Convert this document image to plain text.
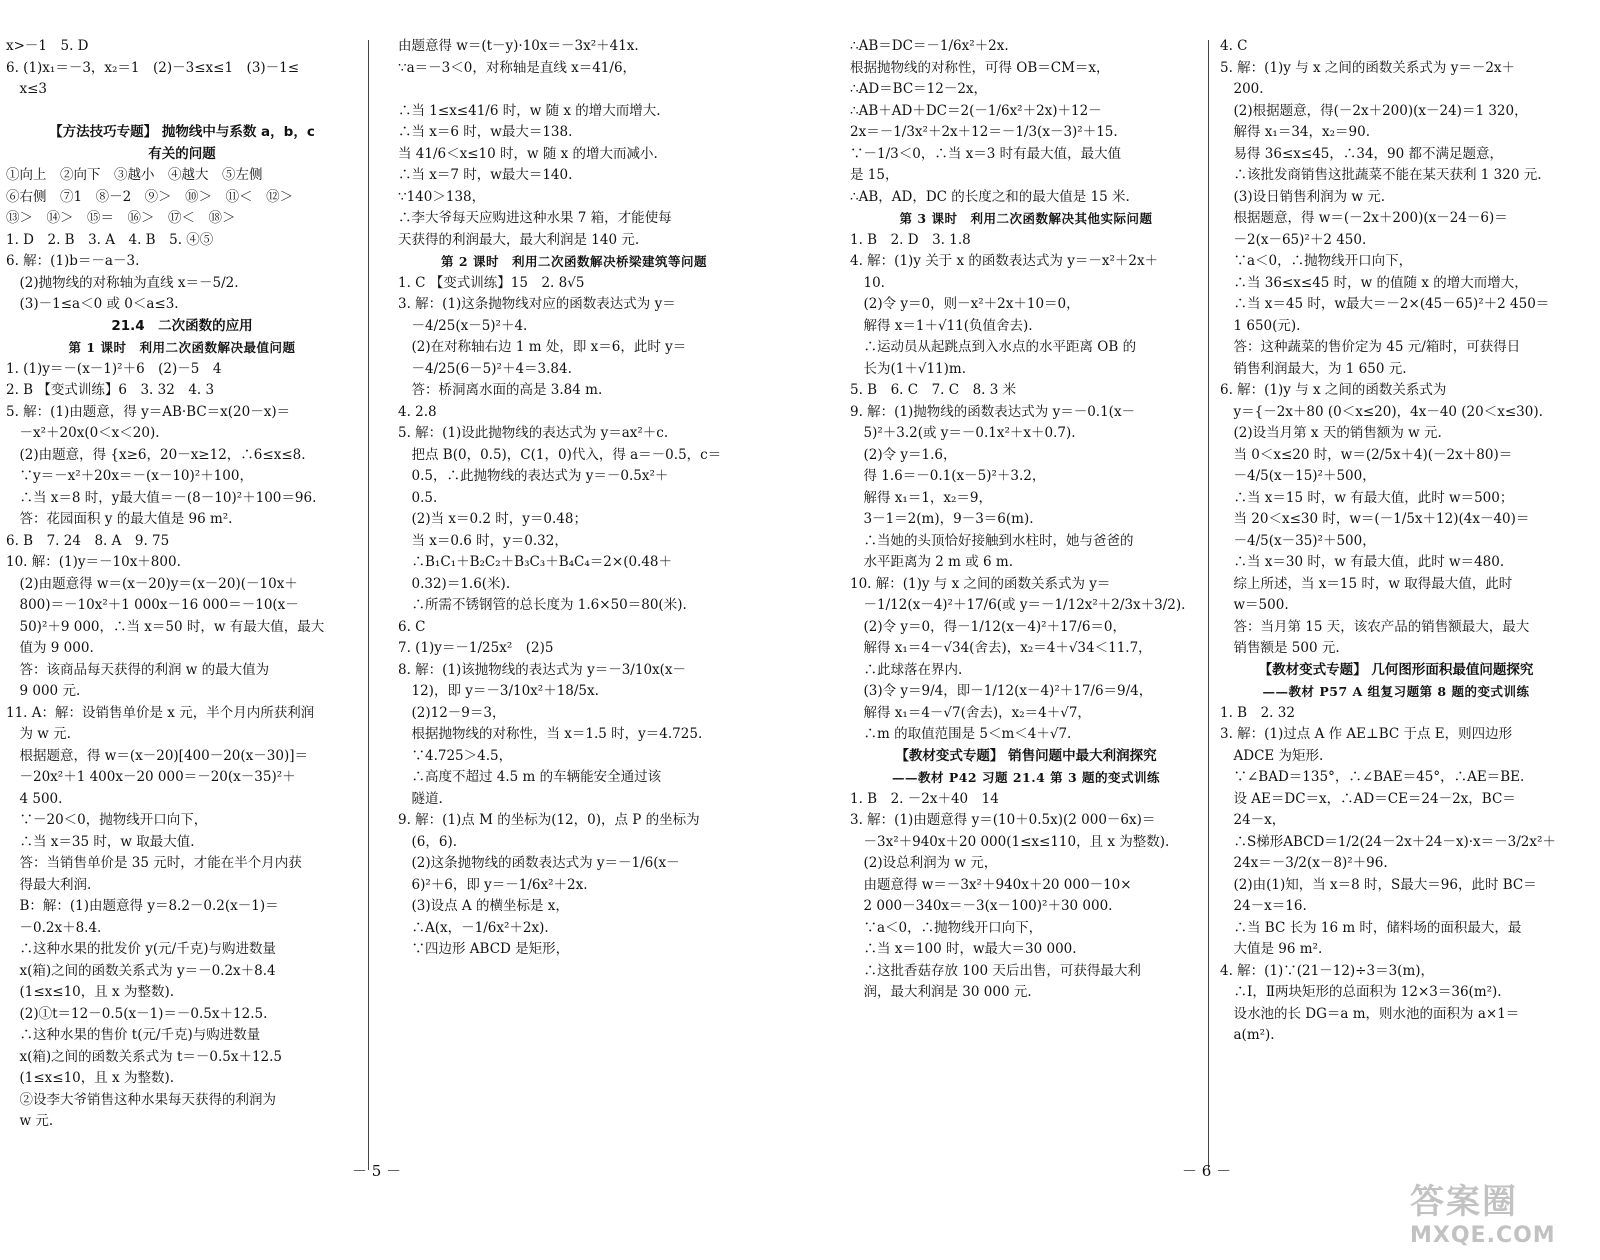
x>－1　5. D
6. (1)x₁＝－3，x₂＝1　(2)－3≤x≤1　(3)－1≤
　x≤3

【方法技巧专题】 抛物线中与系数 a，b，c
有关的问题
①向上　②向下　③越小　④越大　⑤左侧
⑥右侧　⑦1　⑧－2　⑨＞　⑩＞　⑪＜　⑫＞
⑬＞　⑭＞　⑮＝　⑯＞　⑰＜　⑱＞
1. D　2. B　3. A　4. B　5. ④⑤
6. 解：(1)b＝－a－3.
　(2)抛物线的对称轴为直线 x＝－5/2.
　(3)－1≤a＜0 或 0＜a≤3.
21.4　二次函数的应用
第 1 课时　利用二次函数解决最值问题
1. (1)y＝－(x－1)²＋6　(2)－5　4
2. B 【变式训练】6　3. 32　4. 3
5. 解：(1)由题意，得 y＝AB·BC＝x(20－x)＝
　－x²＋20x(0＜x＜20).
　(2)由题意，得 {x≥6，20－x≥12，∴6≤x≤8.
　∵y＝－x²＋20x＝－(x－10)²＋100，
　∴当 x＝8 时，y最大值＝－(8－10)²＋100＝96.
　答：花园面积 y 的最大值是 96 m².
6. B　7. 24　8. A　9. 75
10. 解：(1)y＝－10x＋800.
　(2)由题意得 w＝(x－20)y＝(x－20)(－10x＋
　800)＝－10x²＋1 000x－16 000＝－10(x－
　50)²＋9 000，∴当 x＝50 时，w 有最大值，最大
　值为 9 000.
　答：该商品每天获得的利润 w 的最大值为
　9 000 元.
11. A：解：设销售单价是 x 元，半个月内所获利润
　为 w 元.
　根据题意，得 w＝(x－20)[400－20(x－30)]＝
　－20x²＋1 400x－20 000＝－20(x－35)²＋
　4 500.
　∵－20＜0，抛物线开口向下，
　∴当 x＝35 时，w 取最大值.
　答：当销售单价是 35 元时，才能在半个月内获
　得最大利润.
　B：解：(1)由题意得 y＝8.2－0.2(x－1)＝
　－0.2x＋8.4.
　∴这种水果的批发价 y(元/千克)与购进数量
　x(箱)之间的函数关系式为 y＝－0.2x＋8.4
　(1≤x≤10，且 x 为整数).
　(2)①t＝12－0.5(x－1)＝－0.5x＋12.5.
　∴这种水果的售价 t(元/千克)与购进数量
　x(箱)之间的函数关系式为 t＝－0.5x＋12.5
　(1≤x≤10，且 x 为整数).
　②设李大爷销售这种水果每天获得的利润为
　w 元.
由题意得 w＝(t－y)·10x＝－3x²＋41x.
∵a＝－3＜0，对称轴是直线 x＝41/6，

∴当 1≤x≤41/6 时，w 随 x 的增大而增大.
∴当 x＝6 时，w最大＝138.
当 41/6＜x≤10 时，w 随 x 的增大而减小.
∴当 x＝7 时，w最大＝140.
∵140＞138，
∴李大爷每天应购进这种水果 7 箱，才能使每
天获得的利润最大，最大利润是 140 元.
第 2 课时　利用二次函数解决桥梁建筑等问题
1. C 【变式训练】15　2. 8√5
3. 解：(1)这条抛物线对应的函数表达式为 y＝
　－4/25(x－5)²＋4.
　(2)在对称轴右边 1 m 处，即 x＝6，此时 y＝
　－4/25(6－5)²＋4＝3.84.
　答：桥洞离水面的高是 3.84 m.
4. 2.8
5. 解：(1)设此抛物线的表达式为 y＝ax²＋c.
　把点 B(0，0.5)，C(1，0)代入，得 a＝－0.5，c＝
　0.5，∴此抛物线的表达式为 y＝－0.5x²＋
　0.5.
　(2)当 x＝0.2 时，y＝0.48；
　当 x＝0.6 时，y＝0.32，
　∴B₁C₁＋B₂C₂＋B₃C₃＋B₄C₄＝2×(0.48＋
　0.32)＝1.6(米).
　∴所需不锈钢管的总长度为 1.6×50＝80(米).
6. C
7. (1)y＝－1/25x²　(2)5
8. 解：(1)该抛物线的表达式为 y＝－3/10x(x－
　12)，即 y＝－3/10x²＋18/5x.
　(2)12－9＝3，
　根据抛物线的对称性，当 x＝1.5 时，y＝4.725.
　∵4.725＞4.5，
　∴高度不超过 4.5 m 的车辆能安全通过该
　隧道.
9. 解：(1)点 M 的坐标为(12，0)，点 P 的坐标为
　(6，6).
　(2)这条抛物线的函数表达式为 y＝－1/6(x－
　6)²＋6，即 y＝－1/6x²＋2x.
　(3)设点 A 的横坐标是 x，
　∴A(x，－1/6x²＋2x).
　∵四边形 ABCD 是矩形，
∴AB＝DC＝－1/6x²＋2x.
根据抛物线的对称性，可得 OB＝CM＝x，
∴AD＝BC＝12－2x，
∴AB＋AD＋DC＝2(－1/6x²＋2x)＋12－
2x＝－1/3x²＋2x＋12＝－1/3(x－3)²＋15.
∵－1/3＜0，∴当 x＝3 时有最大值，最大值
是 15，
∴AB，AD，DC 的长度之和的最大值是 15 米.
第 3 课时　利用二次函数解决其他实际问题
1. B　2. D　3. 1.8
4. 解：(1)y 关于 x 的函数表达式为 y＝－x²＋2x＋
　10.
　(2)令 y＝0，则－x²＋2x＋10＝0，
　解得 x＝1＋√11(负值舍去).
　∴运动员从起跳点到入水点的水平距离 OB 的
　长为(1＋√11)m.
5. B　6. C　7. C　8. 3 米
9. 解：(1)抛物线的函数表达式为 y＝－0.1(x－
　5)²＋3.2(或 y＝－0.1x²＋x＋0.7).
　(2)令 y＝1.6，
　得 1.6＝－0.1(x－5)²＋3.2，
　解得 x₁＝1，x₂＝9，
　3－1＝2(m)，9－3＝6(m).
　∴当她的头顶恰好接触到水柱时，她与爸爸的
　水平距离为 2 m 或 6 m.
10. 解：(1)y 与 x 之间的函数关系式为 y＝
　－1/12(x－4)²＋17/6(或 y＝－1/12x²＋2/3x＋3/2).
　(2)令 y＝0，得－1/12(x－4)²＋17/6＝0，
　解得 x₁＝4－√34(舍去)，x₂＝4＋√34＜11.7，
　∴此球落在界内.
　(3)令 y＝9/4，即－1/12(x－4)²＋17/6＝9/4，
　解得 x₁＝4－√7(舍去)，x₂＝4＋√7，
　∴m 的取值范围是 5＜m＜4＋√7.
【教材变式专题】 销售问题中最大利润探究
——教材 P42 习题 21.4 第 3 题的变式训练
1. B　2. －2x＋40　14
3. 解：(1)由题意得 y＝(10＋0.5x)(2 000－6x)＝
　－3x²＋940x＋20 000(1≤x≤110，且 x 为整数).
　(2)设总利润为 w 元，
　由题意得 w＝－3x²＋940x＋20 000－10×
　2 000－340x＝－3(x－100)²＋30 000.
　∵a＜0，∴抛物线开口向下，
　∴当 x＝100 时，w最大＝30 000.
　∴这批香菇存放 100 天后出售，可获得最大利
　润，最大利润是 30 000 元.
4. C
5. 解：(1)y 与 x 之间的函数关系式为 y＝－2x＋
　200.
　(2)根据题意，得(－2x＋200)(x－24)＝1 320，
　解得 x₁＝34，x₂＝90.
　易得 36≤x≤45，∴34，90 都不满足题意，
　∴该批发商销售这批蔬菜不能在某天获利 1 320 元.
　(3)设日销售利润为 w 元.
　根据题意，得 w＝(－2x＋200)(x－24－6)＝
　－2(x－65)²＋2 450.
　∵a＜0，∴抛物线开口向下，
　∴当 36≤x≤45 时，w 的值随 x 的增大而增大，
　∴当 x＝45 时，w最大＝－2×(45－65)²＋2 450＝
　1 650(元).
　答：这种蔬菜的售价定为 45 元/箱时，可获得日
　销售利润最大，为 1 650 元.
6. 解：(1)y 与 x 之间的函数关系式为
　y＝{－2x＋80 (0＜x≤20)，4x－40 (20＜x≤30).
　(2)设当月第 x 天的销售额为 w 元.
　当 0＜x≤20 时，w＝(2/5x＋4)(－2x＋80)＝
　－4/5(x－15)²＋500，
　∴当 x＝15 时，w 有最大值，此时 w＝500；
　当 20＜x≤30 时，w＝(－1/5x＋12)(4x－40)＝
　－4/5(x－35)²＋500，
　∴当 x＝30 时，w 有最大值，此时 w＝480.
　综上所述，当 x＝15 时，w 取得最大值，此时
　w＝500.
　答：当月第 15 天，该农产品的销售额最大，最大
　销售额是 500 元.
【教材变式专题】 几何图形面积最值问题探究
——教材 P57 A 组复习题第 8 题的变式训练
1. B　2. 32
3. 解：(1)过点 A 作 AE⊥BC 于点 E，则四边形
　ADCE 为矩形.
　∵∠BAD＝135°，∴∠BAE＝45°，∴AE＝BE.
　设 AE＝DC＝x，∴AD＝CE＝24－2x，BC＝
　24－x，
　∴S梯形ABCD＝1/2(24－2x＋24－x)·x＝－3/2x²＋
　24x＝－3/2(x－8)²＋96.
　(2)由(1)知，当 x＝8 时，S最大＝96，此时 BC＝
　24－x＝16.
　∴当 BC 长为 16 m 时，储料场的面积最大，最
　大值是 96 m².
4. 解：(1)∵(21－12)÷3＝3(m)，
　∴Ⅰ，Ⅱ两块矩形的总面积为 12×3＝36(m²).
　设水池的长 DG＝a m，则水池的面积为 a×1＝
　a(m²).
－ 5 －	－ 6 －
答案圈
MXQE.COM
